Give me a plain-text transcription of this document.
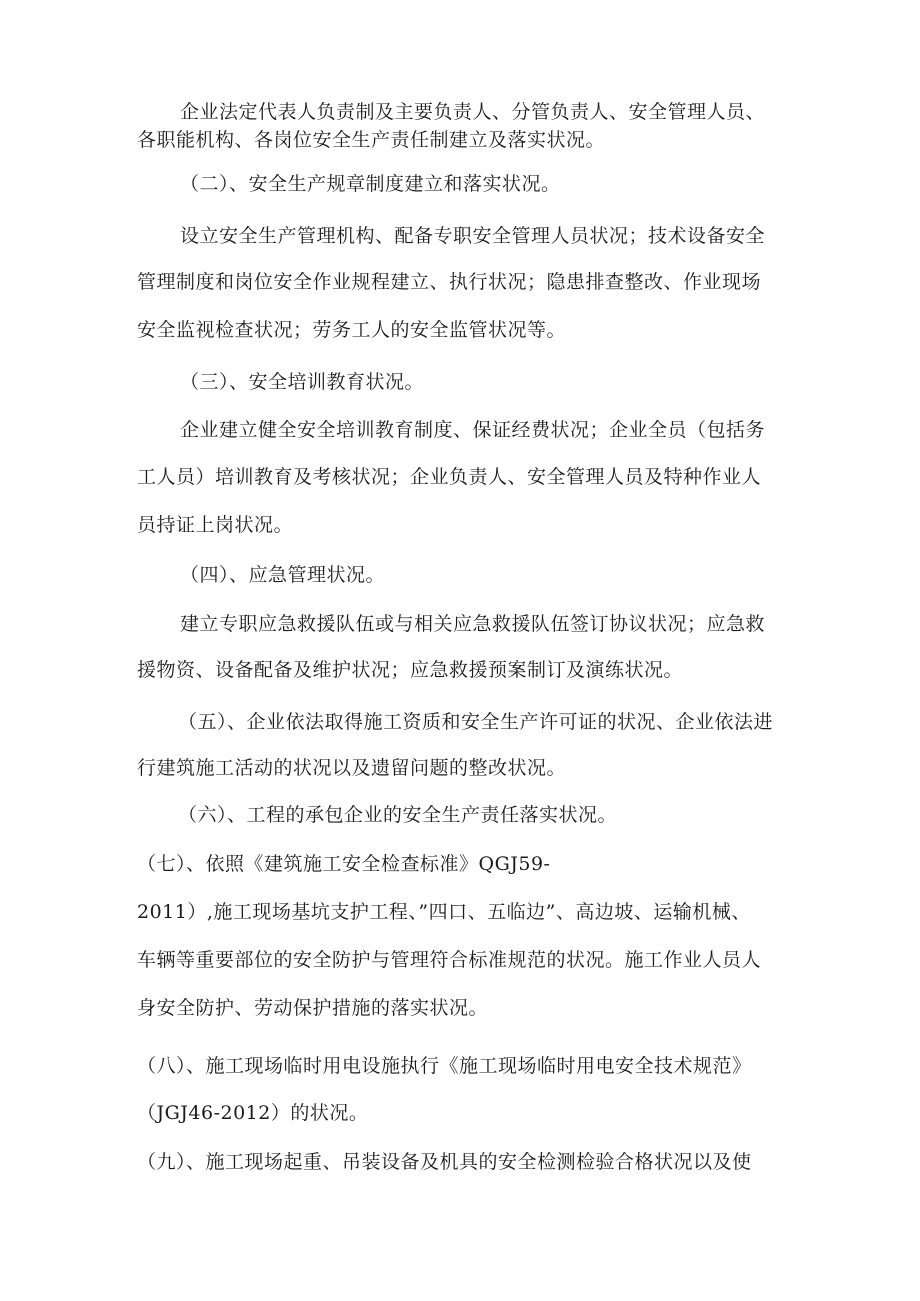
企业法定代表人负责制及主要负责人、分管负责人、安全管理人员、
各职能机构、各岗位安全生产责任制建立及落实状况。
（二）、安全生产规章制度建立和落实状况。
设立安全生产管理机构、配备专职安全管理人员状况；技术设备安全
管理制度和岗位安全作业规程建立、执行状况；隐患排查整改、作业现场
安全监视检查状况；劳务工人的安全监管状况等。
（三）、安全培训教育状况。
企业建立健全安全培训教育制度、保证经费状况；企业全员（包括务
工人员）培训教育及考核状况；企业负责人、安全管理人员及特种作业人
员持证上岗状况。
（四）、应急管理状况。
建立专职应急救援队伍或与相关应急救援队伍签订协议状况；应急救
援物资、设备配备及维护状况；应急救援预案制订及演练状况。
（五）、企业依法取得施工资质和安全生产许可证的状况、企业依法进
行建筑施工活动的状况以及遗留问题的整改状况。
（六）、工程的承包企业的安全生产责任落实状况。
（七）、依照《建筑施工安全检查标准》QGJ59-
2011）,施工现场基坑支护工程、”四口、五临边”、高边坡、运输机械、
车辆等重要部位的安全防护与管理符合标准规范的状况。施工作业人员人
身安全防护、劳动保护措施的落实状况。
（八）、施工现场临时用电设施执行《施工现场临时用电安全技术规范》
（JGJ46-2012）的状况。
（九）、施工现场起重、吊装设备及机具的安全检测检验合格状况以及使
